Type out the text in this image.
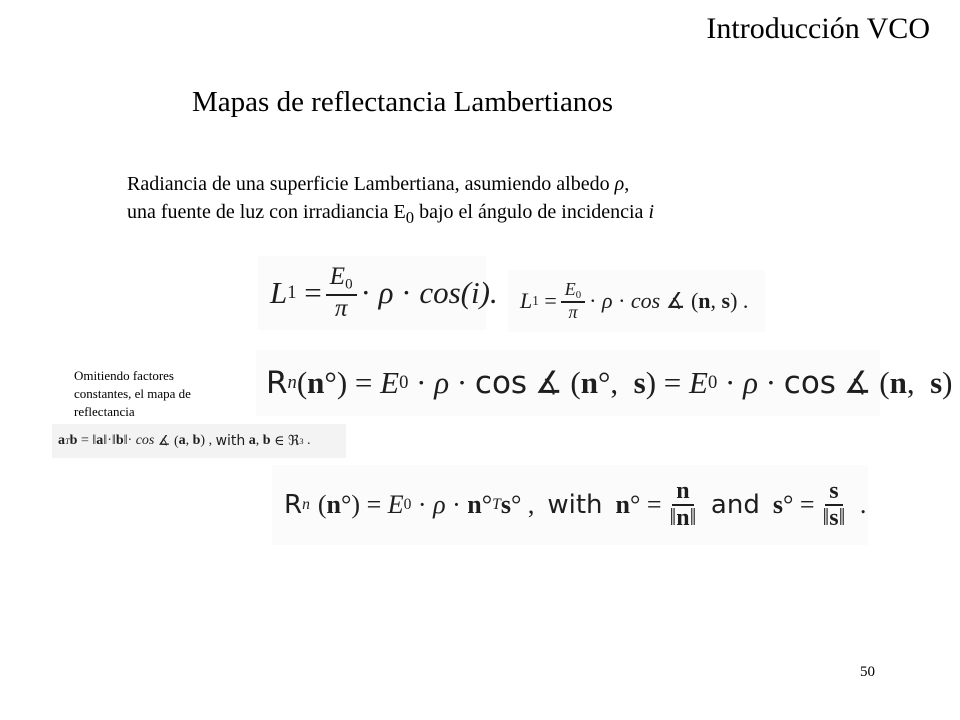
Introducción VCO
Mapas de reflectancia Lambertianos
Radiancia de una superficie Lambertiana, asumiendo albedo ρ,
una fuente de luz con irradiancia $E_0$ bajo el ángulo de incidencia i
L $1 = \frac{E_0}{\pi} \cdot \rho \cdot \cos(i)$. L $1 = \frac{E_0}{\pi} \cdot \rho \cdot \cos$ ∡ ( n , s ) .
R n ( n °) = E 0 · ρ · cos ∡ ( n °, s ) = E 0 · ρ · cos ∡ ( n , s )
a T b = ‖ a ‖·‖ b ‖· cos ∡ ( a , b ) , with
a , b ∈ ℜ 3 .
R n ( n °) = E 0 · ρ · n ° T s ° , with
n ° = $\frac{n}{‖n‖}$
and
s ° = $\frac{s}{‖s‖}$ .
Omitiendo factores constantes, el mapa de reflectancia
50
